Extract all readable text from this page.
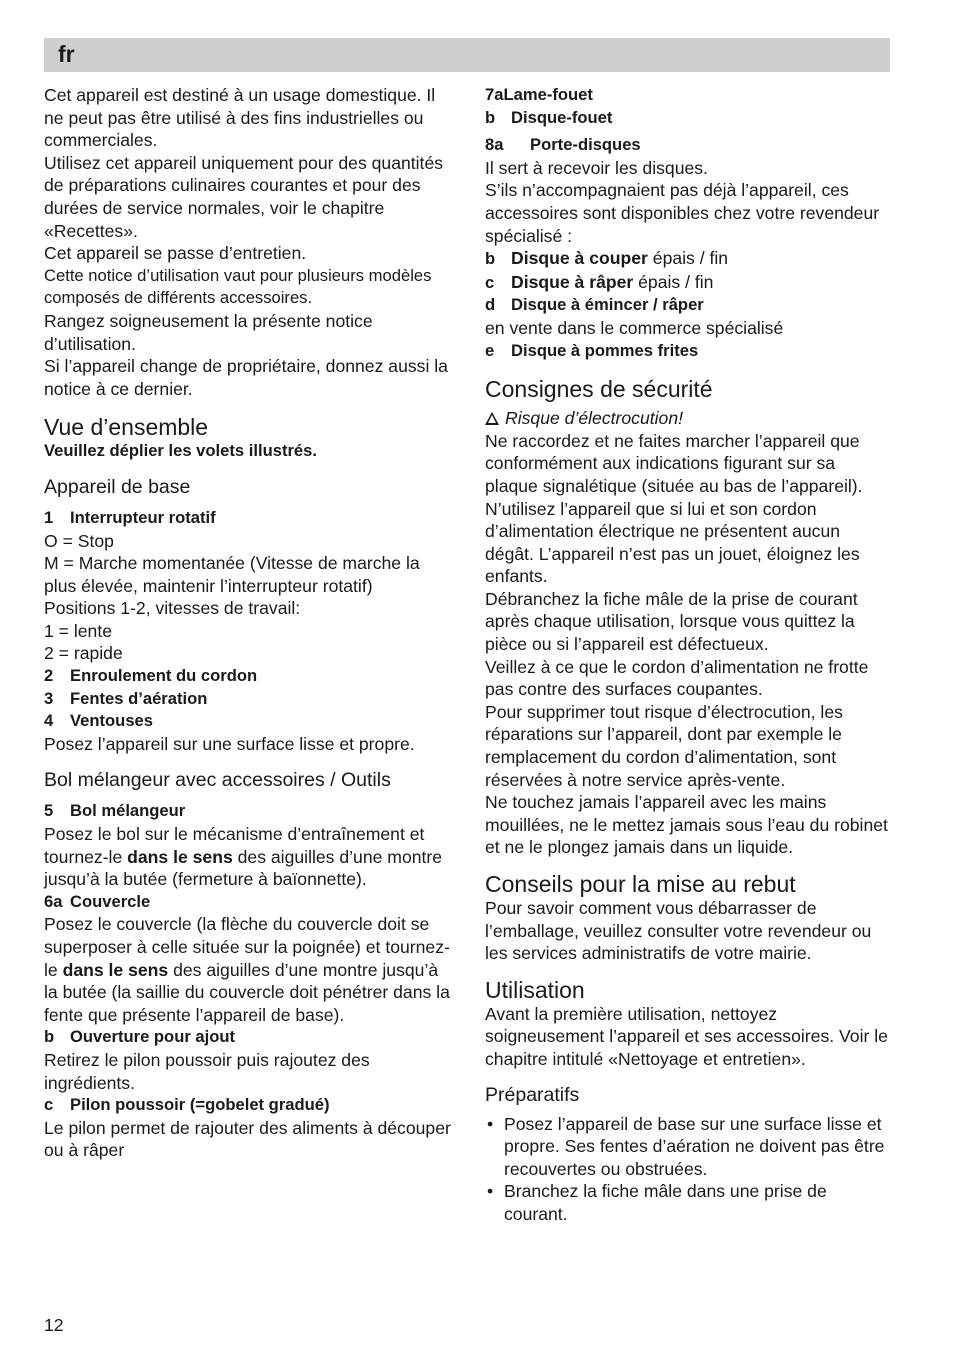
fr

Cet appareil est destiné à un usage domestique. Il ne peut pas être utilisé à des fins industrielles ou commerciales.

Utilisez cet appareil uniquement pour des quantités de préparations culinaires courantes et pour des durées de service normales, voir le chapitre «Recettes».

Cet appareil se passe d’entretien.

Cette notice d’utilisation vaut pour plusieurs modèles composés de différents accessoires.

Rangez soigneusement la présente notice d’utilisation.

Si l’appareil change de propriétaire, donnez aussi la notice à ce dernier.

Vue d’ensemble

Veuillez déplier les volets illustrés.

Appareil de base

1 Interrupteur rotatif

O = Stop

M = Marche momentanée (Vitesse de marche la plus élevée, maintenir l’interrupteur rotatif)

Positions 1-2, vitesses de travail:

1 = lente

2 = rapide

2 Enroulement du cordon

3 Fentes d’aération

4 Ventouses

Posez l’appareil sur une surface lisse et propre.

Bol mélangeur avec accessoires / Outils

5 Bol mélangeur

Posez le bol sur le mécanisme d’entraînement et tournez-le dans le sens des aiguilles d’une montre jusqu’à la butée (fermeture à baïonnette).

6a Couvercle

Posez le couvercle (la flèche du couvercle doit se superposer à celle située sur la poignée) et tournez-le dans le sens des aiguilles d’une montre jusqu’à la butée (la saillie du couvercle doit pénétrer dans la fente que présente l’appareil de base).

b Ouverture pour ajout

Retirez le pilon poussoir puis rajoutez des ingrédients.

c Pilon poussoir (=gobelet gradué)

Le pilon permet de rajouter des aliments à découper ou à râper

7aLame-fouet

b Disque-fouet

8a Porte-disques

Il sert à recevoir les disques.

S’ils n’accompagnaient pas déjà l’appareil, ces accessoires sont disponibles chez votre revendeur spécialisé :

b Disque à couper épais / fin

c Disque à râper épais / fin

d Disque à émincer / râper

en vente dans le commerce spécialisé

e Disque à pommes frites

Consignes de sécurité

Risque d’électrocution!

Ne raccordez et ne faites marcher l’appareil que conformément aux indications figurant sur sa plaque signalétique (située au bas de l’appareil).

N’utilisez l’appareil que si lui et son cordon d’alimentation électrique ne présentent aucun dégât. L’appareil n’est pas un jouet, éloignez les enfants.

Débranchez la fiche mâle de la prise de courant après chaque utilisation, lorsque vous quittez la pièce ou si l’appareil est défectueux.

Veillez à ce que le cordon d’alimentation ne frotte pas contre des surfaces coupantes.

Pour supprimer tout risque d’électrocution, les réparations sur l’appareil, dont par exemple le remplacement du cordon d’alimentation, sont réservées à notre service après-vente.

Ne touchez jamais l’appareil avec les mains mouillées, ne le mettez jamais sous l’eau du robinet et ne le plongez jamais dans un liquide.

Conseils pour la mise au rebut

Pour savoir comment vous débarrasser de l’emballage, veuillez consulter votre revendeur ou les services administratifs de votre mairie.

Utilisation

Avant la première utilisation, nettoyez soigneusement l’appareil et ses accessoires. Voir le chapitre intitulé «Nettoyage et entretien».

Préparatifs
• Posez l’appareil de base sur une surface lisse et propre. Ses fentes d’aération ne doivent pas être recouvertes ou obstruées.
• Branchez la fiche mâle dans une prise de courant.
12
